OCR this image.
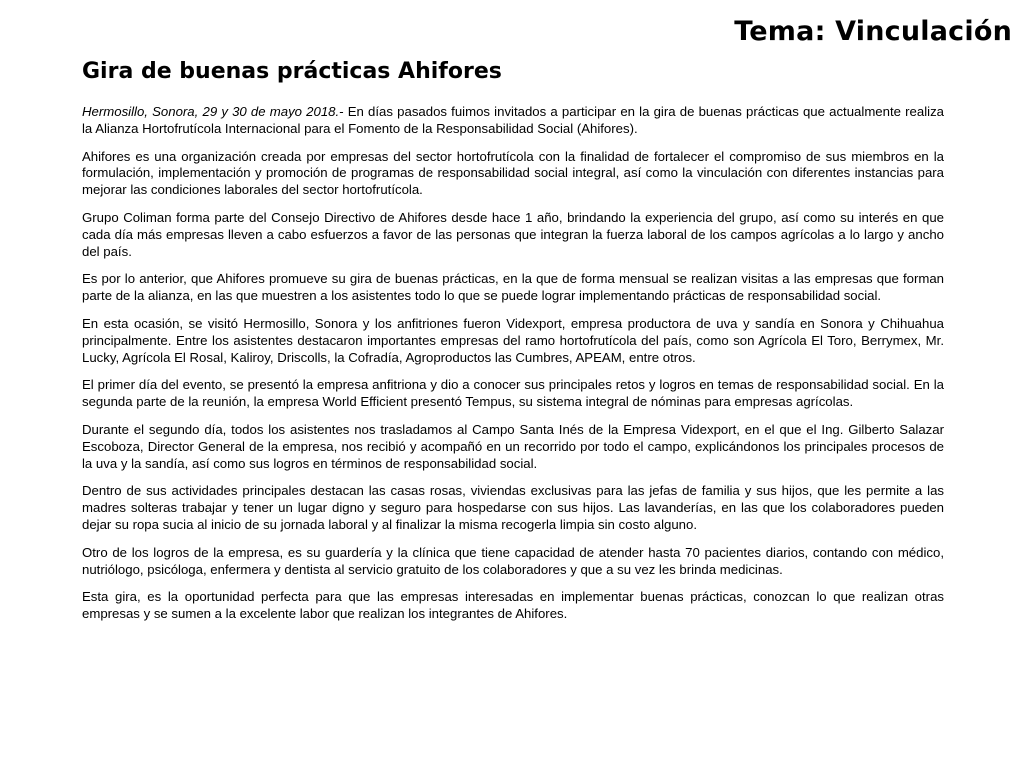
Tema: Vinculación
Gira de buenas prácticas Ahifores

Hermosillo, Sonora, 29 y 30 de mayo 2018.- En días pasados fuimos invitados a participar en la gira de buenas prácticas que actualmente realiza la Alianza Hortofrutícola Internacional para el Fomento de la Responsabilidad Social (Ahifores).

Ahifores es una organización creada por empresas del sector hortofrutícola con la finalidad de fortalecer el compromiso de sus miembros en la formulación, implementación y promoción de programas de responsabilidad social integral, así como la vinculación con diferentes instancias para mejorar las condiciones laborales del sector hortofrutícola.

Grupo Coliman forma parte del Consejo Directivo de Ahifores desde hace 1 año, brindando la experiencia del grupo, así como su interés en que cada día más empresas lleven a cabo esfuerzos a favor de las personas que integran la fuerza laboral de los campos agrícolas a lo largo y ancho del país.

Es por lo anterior, que Ahifores promueve su gira de buenas prácticas, en la que de forma mensual se realizan visitas a las empresas que forman parte de la alianza, en las que muestren a los asistentes todo lo que se puede lograr implementando prácticas de responsabilidad social.

En esta ocasión, se visitó Hermosillo, Sonora y los anfitriones fueron Videxport, empresa productora de uva y sandía en Sonora y Chihuahua principalmente. Entre los asistentes destacaron importantes empresas del ramo hortofrutícola del país, como son Agrícola El Toro, Berrymex, Mr. Lucky, Agrícola El Rosal, Kaliroy, Driscolls, la Cofradía, Agroproductos las Cumbres, APEAM, entre otros.

El primer día del evento, se presentó la empresa anfitriona y dio a conocer sus principales retos y logros en temas de responsabilidad social. En la segunda parte de la reunión, la empresa World Efficient presentó Tempus, su sistema integral de nóminas para empresas agrícolas.

Durante el segundo día, todos los asistentes nos trasladamos al Campo Santa Inés de la Empresa Videxport, en el que el Ing. Gilberto Salazar Escoboza, Director General de la empresa, nos recibió y acompañó en un recorrido por todo el campo, explicándonos los principales procesos de la uva y la sandía, así como sus logros en términos de responsabilidad social.

Dentro de sus actividades principales destacan las casas rosas, viviendas exclusivas para las jefas de familia y sus hijos, que les permite a las madres solteras trabajar y tener un lugar digno y seguro para hospedarse con sus hijos. Las lavanderías, en las que los colaboradores pueden dejar su ropa sucia al inicio de su jornada laboral y al finalizar la misma recogerla limpia sin costo alguno.

Otro de los logros de la empresa, es su guardería y la clínica que tiene capacidad de atender hasta 70 pacientes diarios, contando con médico, nutriólogo, psicóloga, enfermera y dentista al servicio gratuito de los colaboradores y que a su vez les brinda medicinas.

Esta gira, es la oportunidad perfecta para que las empresas interesadas en implementar buenas prácticas, conozcan lo que realizan otras empresas y se sumen a la excelente labor que realizan los integrantes de Ahifores.
